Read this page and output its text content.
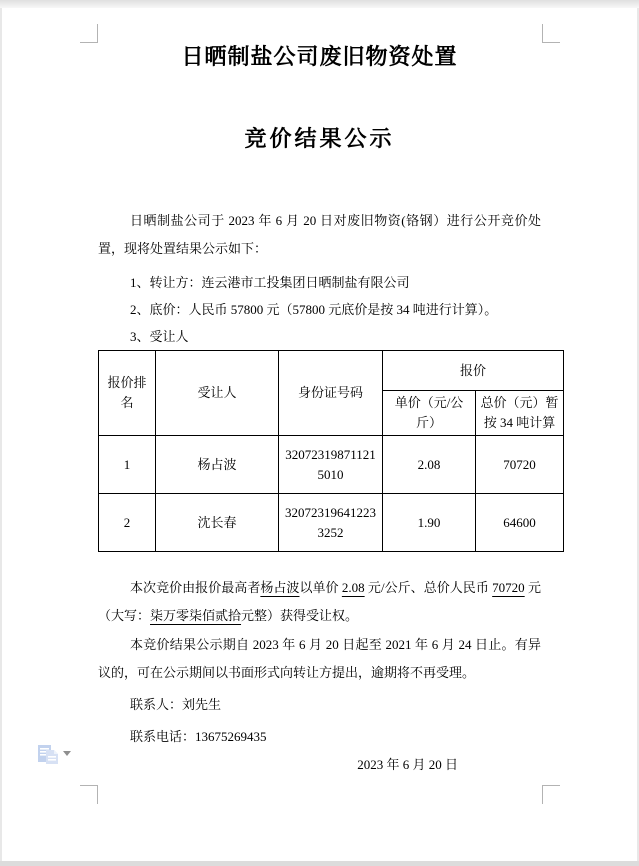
日晒制盐公司废旧物资处置
竞价结果公示

日晒制盐公司于 2023 年 6 月 20 日对废旧物资(铬钢）进行公开竞价处置，现将处置结果公示如下：

1、转让方：连云港市工投集团日晒制盐有限公司

2、底价：人民币 57800 元（57800 元底价是按 34 吨进行计算）。

3、受让人

报价排名	受让人	身份证号码	报价	
			单价（元/公斤）	总价（元）暂按 34 吨计算
1	杨占波	320723198711215010	2.08	70720
2	沈长春	320723196412233252	1.90	64600

本次竞价由报价最高者杨占波以单价 2.08 元/公斤、总价人民币 70720 元（大写：柒万零柒佰贰拾元整）获得受让权。

本竞价结果公示期自 2023 年 6 月 20 日起至 2021 年 6 月 24 日止。有异议的，可在公示期间以书面形式向转让方提出，逾期将不再受理。

联系人：刘先生

联系电话：13675269435

2023 年 6 月 20 日
